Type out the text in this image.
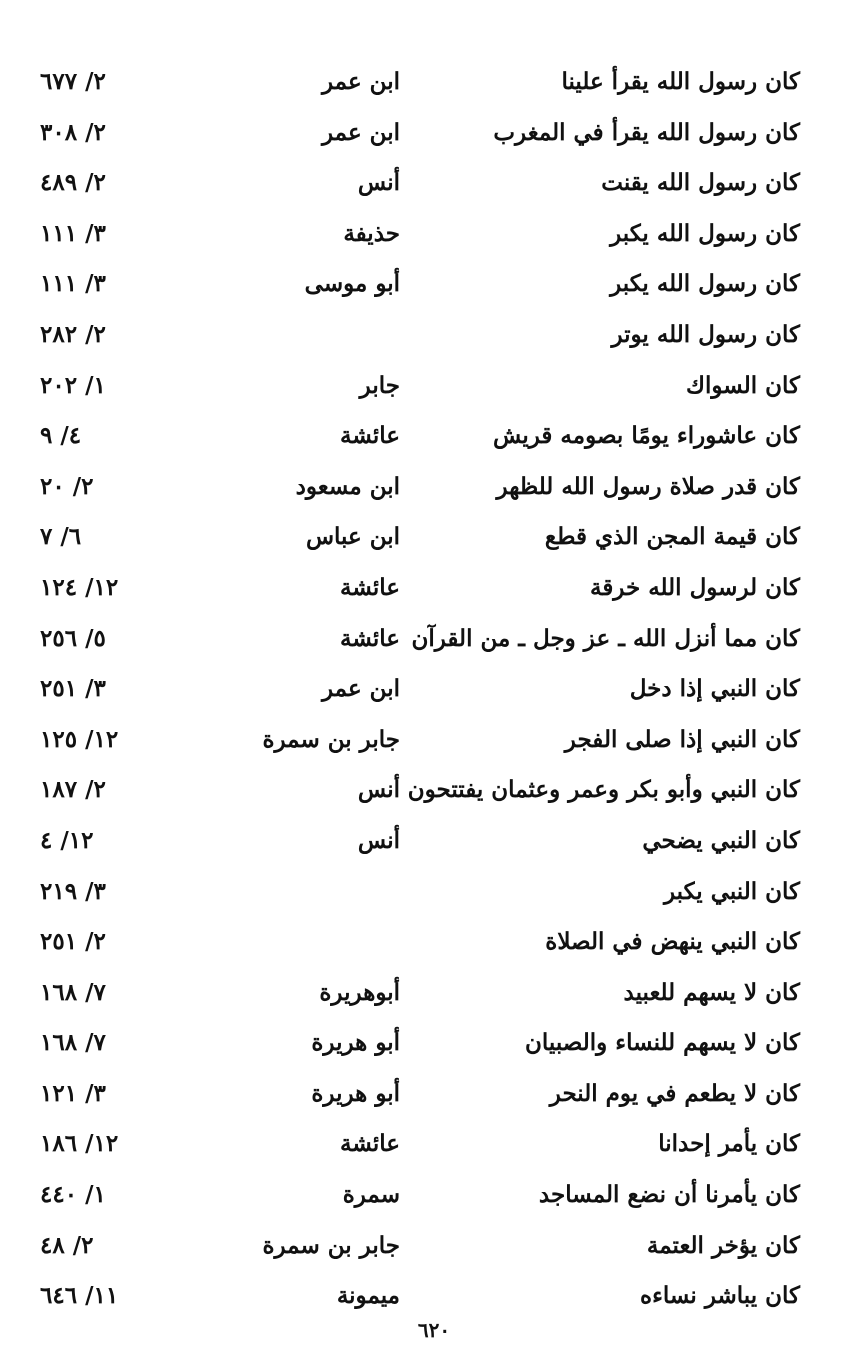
كان رسول الله يقرأ علينا
ابن عمر
٢/ ٦٧٧
كان رسول الله يقرأ في المغرب
ابن عمر
٢/ ٣٠٨
كان رسول الله يقنت
أنس
٢/ ٤٨٩
كان رسول الله يكبر
حذيفة
٣/ ١١١
كان رسول الله يكبر
أبو موسى
٣/ ١١١
كان رسول الله يوتر
٢/ ٢٨٢
كان السواك
جابر
١/ ٢٠٢
كان عاشوراء يومًا بصومه قريش
عائشة
٤/ ٩
كان قدر صلاة رسول الله للظهر
ابن مسعود
٢/ ٢٠
كان قيمة المجن الذي قطع
ابن عباس
٦/ ٧
كان لرسول الله خرقة
عائشة
١٢/ ١٢٤
كان مما أنزل الله ـ عز وجل ـ من القرآن
عائشة
٥/ ٢٥٦
كان النبي إذا دخل
ابن عمر
٣/ ٢٥١
كان النبي إذا صلى الفجر
جابر بن سمرة
١٢/ ١٢٥
كان النبي وأبو بكر وعمر وعثمان يفتتحون
أنس
٢/ ١٨٧
كان النبي يضحي
أنس
١٢/ ٤
كان النبي يكبر
٣/ ٢١٩
كان النبي ينهض في الصلاة
٢/ ٢٥١
كان لا يسهم للعبيد
أبوهريرة
٧/ ١٦٨
كان لا يسهم للنساء والصبيان
أبو هريرة
٧/ ١٦٨
كان لا يطعم في يوم النحر
أبو هريرة
٣/ ١٢١
كان يأمر إحدانا
عائشة
١٢/ ١٨٦
كان يأمرنا أن نضع المساجد
سمرة
١/ ٤٤٠
كان يؤخر العتمة
جابر بن سمرة
٢/ ٤٨
كان يباشر نساءه
ميمونة
١١/ ٦٤٦
٦٢٠
